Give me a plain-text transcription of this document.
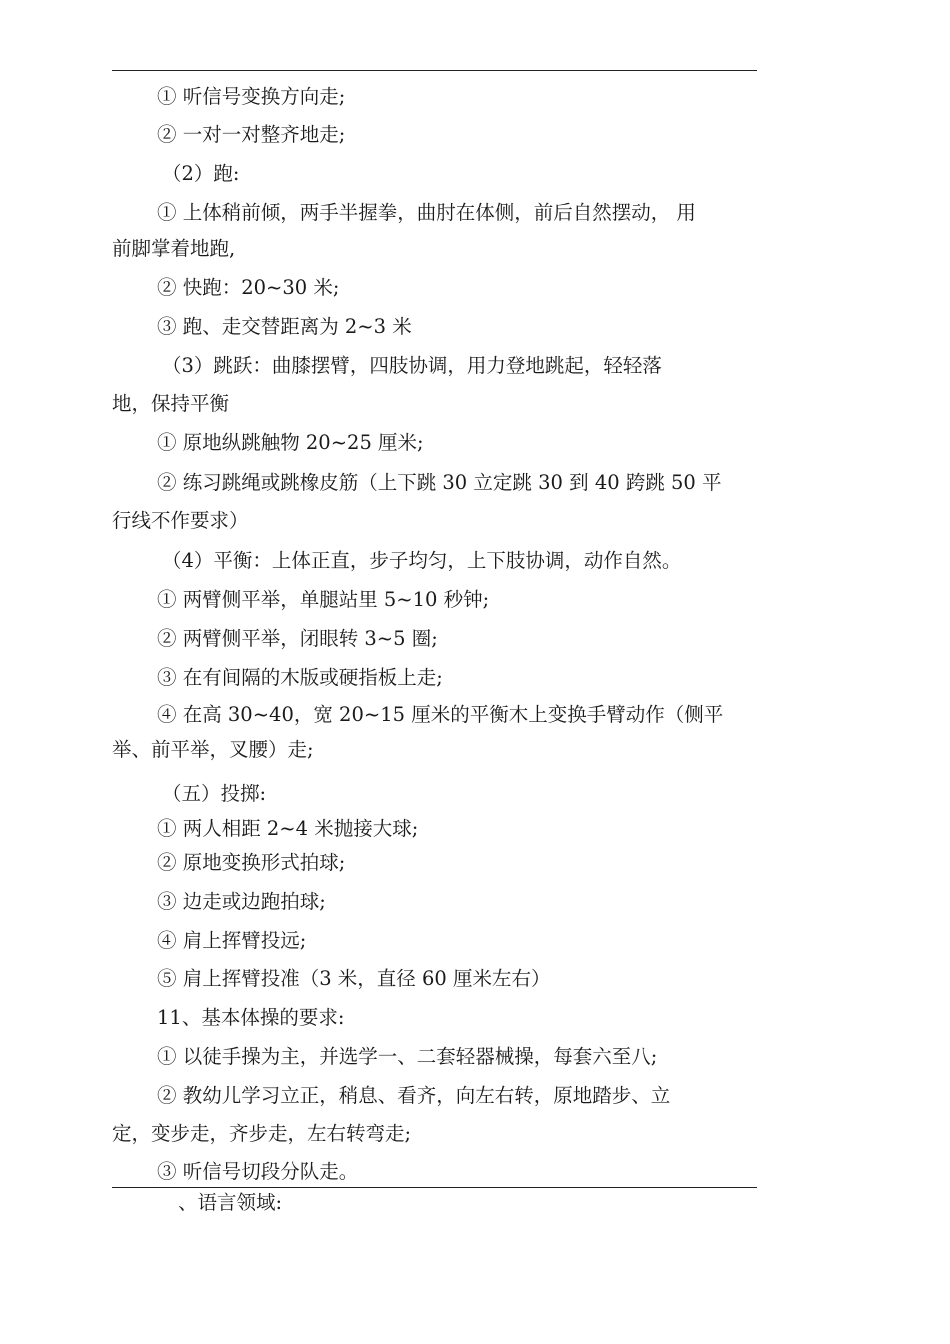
① 听信号变换方向走;
② 一对一对整齐地走;
（2）跑:
① 上体稍前倾，两手半握拳，曲肘在体侧，前后自然摆动， 用
前脚掌着地跑,
② 快跑：20~30 米;
③ 跑、走交替距离为 2~3 米
（3）跳跃：曲膝摆臂，四肢协调，用力登地跳起，轻轻落
地，保持平衡
① 原地纵跳触物 20~25 厘米;
② 练习跳绳或跳橡皮筋（上下跳 30 立定跳 30 到 40 跨跳 50 平
行线不作要求）
（4）平衡：上体正直，步子均匀，上下肢协调，动作自然。
① 两臂侧平举，单腿站里 5~10 秒钟;
② 两臂侧平举，闭眼转 3~5 圈;
③ 在有间隔的木版或硬指板上走;
④ 在高 30~40，宽 20~15 厘米的平衡木上变换手臂动作（侧平
举、前平举，叉腰）走;
（五）投掷:
① 两人相距 2~4 米抛接大球;
② 原地变换形式拍球;
③ 边走或边跑拍球;
④ 肩上挥臂投远;
⑤ 肩上挥臂投准（3 米，直径 60 厘米左右）
11、基本体操的要求:
① 以徒手操为主，并选学一、二套轻器械操，每套六至八;
② 教幼儿学习立正，稍息、看齐，向左右转，原地踏步、立
定，变步走，齐步走，左右转弯走;
③ 听信号切段分队走。
、语言领域:
